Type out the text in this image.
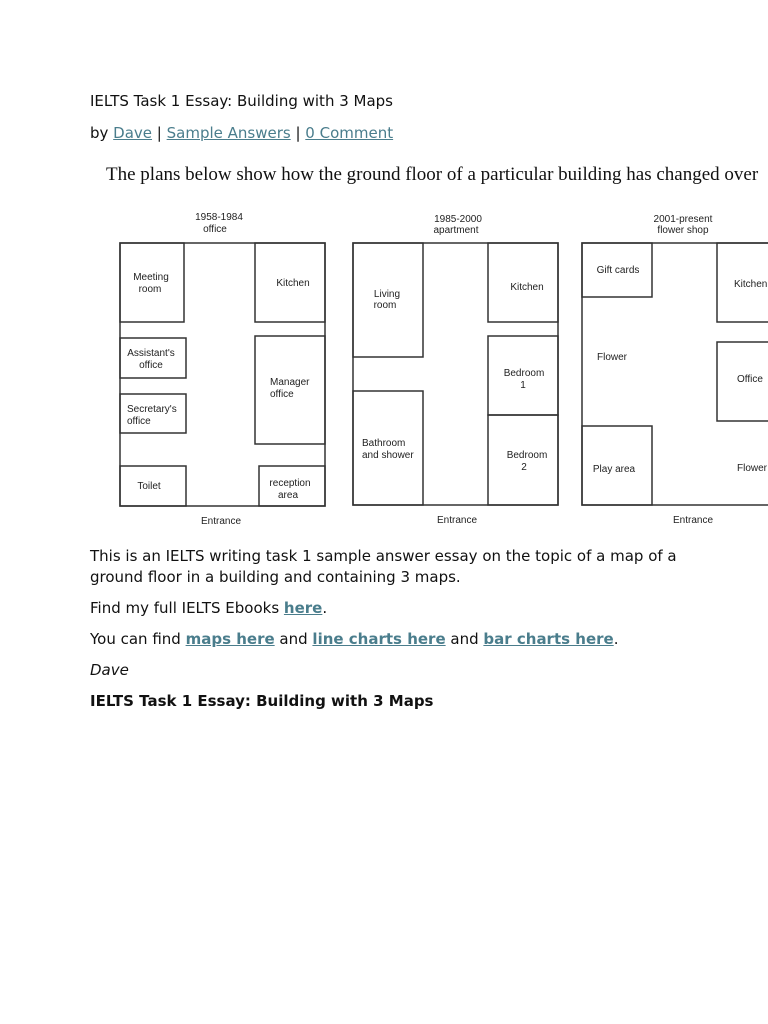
IELTS Task 1 Essay: Building with 3 Maps

by Dave | Sample Answers | 0 Comment

The plans below show how the ground floor of a particular building has changed over
1958-1984
office
Meeting room
Kitchen
Assistant's office
Manager office
Secretary's office
Toilet	reception area
Entrance
1985-2000
apartment
Living room
Kitchen
Bedroom 1
Bathroom and shower	Bedroom 2
Entrance
2001-present
flower shop
Gift cards
Kitchen
Flower
Office
Play area	Flower
Entrance

This is an IELTS writing task 1 sample answer essay on the topic of a map of a ground floor in a building and containing 3 maps.

Find my full IELTS Ebooks here.

You can find maps here and line charts here and bar charts here.

Dave

IELTS Task 1 Essay: Building with 3 Maps
